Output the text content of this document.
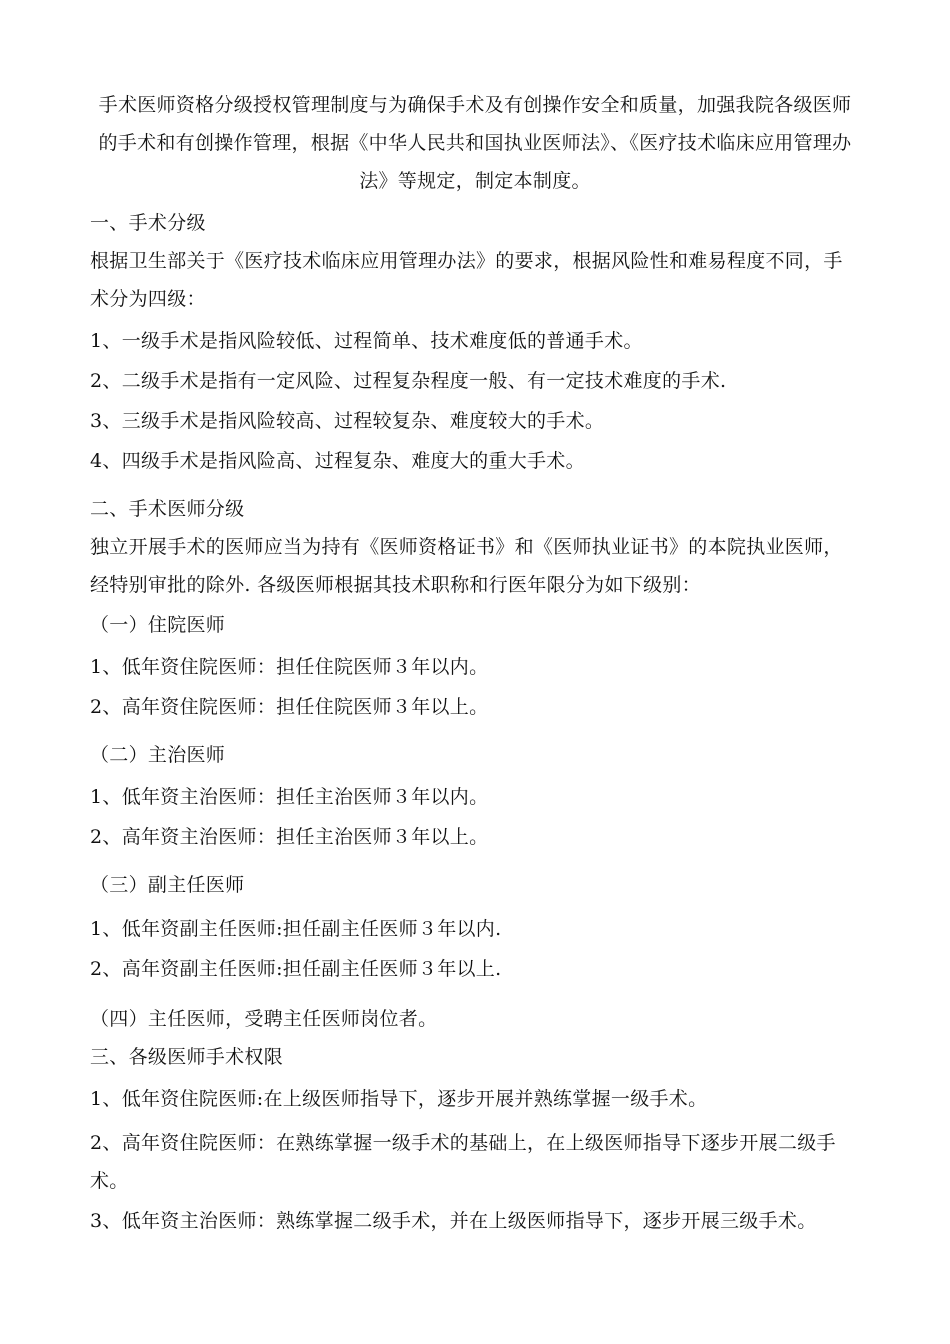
手术医师资格分级授权管理制度与为确保手术及有创操作安全和质量，加强我院各级医师的手术和有创操作管理，根据《中华人民共和国执业医师法》、《医疗技术临床应用管理办法》等规定，制定本制度。
一、手术分级
根据卫生部关于《医疗技术临床应用管理办法》的要求，根据风险性和难易程度不同，手术分为四级：
1、一级手术是指风险较低、过程简单、技术难度低的普通手术。
2、二级手术是指有一定风险、过程复杂程度一般、有一定技术难度的手术.
3、三级手术是指风险较高、过程较复杂、难度较大的手术。
4、四级手术是指风险高、过程复杂、难度大的重大手术。
二、手术医师分级
独立开展手术的医师应当为持有《医师资格证书》和《医师执业证书》的本院执业医师，经特别审批的除外. 各级医师根据其技术职称和行医年限分为如下级别：
（一）住院医师
1、低年资住院医师：担任住院医师３年以内。
2、高年资住院医师：担任住院医师３年以上。
（二）主治医师
1、低年资主治医师：担任主治医师３年以内。
2、高年资主治医师：担任主治医师３年以上。
（三）副主任医师
1、低年资副主任医师:担任副主任医师３年以内.
2、高年资副主任医师:担任副主任医师３年以上.
（四）主任医师，受聘主任医师岗位者。
三、各级医师手术权限
1、低年资住院医师:在上级医师指导下，逐步开展并熟练掌握一级手术。
2、高年资住院医师：在熟练掌握一级手术的基础上，在上级医师指导下逐步开展二级手术。
3、低年资主治医师：熟练掌握二级手术，并在上级医师指导下，逐步开展三级手术。
